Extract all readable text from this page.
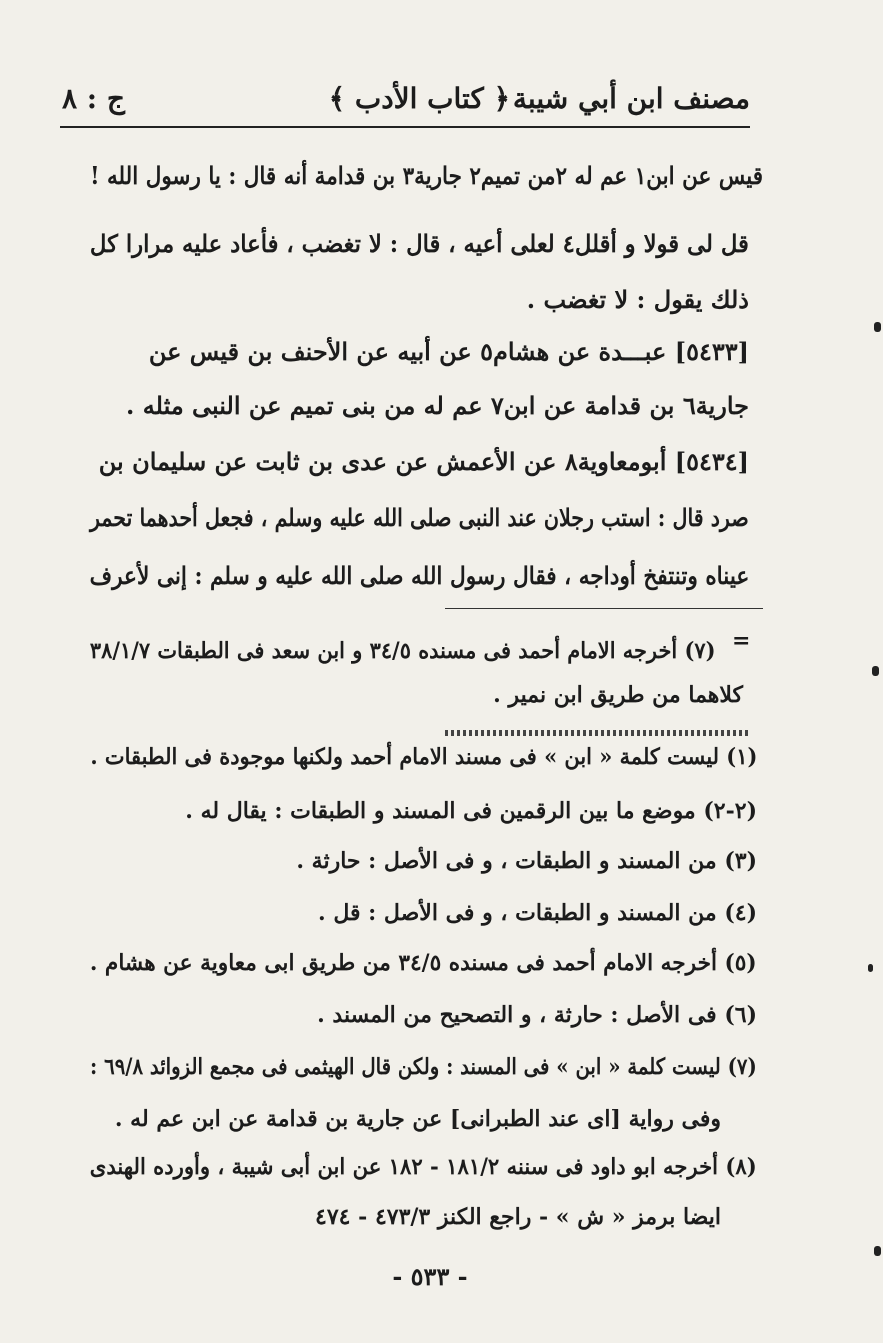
مصنف ابن أبي شيبة
﴿ كتاب الأدب ﴾
ج : ٨
قيس عن ابن١ عم له ٢من تميم٢ جارية٣ بن قدامة أنه قال : يا رسول الله !
قل لى قولا و أقلل٤ لعلى أعيه ، قال : لا تغضب ، فأعاد عليه مرارا كل
ذلك يقول : لا تغضب .
[٥٤٣٣] عبـــدة عن هشام٥ عن أبيه عن الأحنف بن قيس عن
جارية٦ بن قدامة عن ابن٧ عم له من بنى تميم عن النبى مثله .
[٥٤٣٤] أبومعاوية٨ عن الأعمش عن عدى بن ثابت عن سليمان بن
صرد قال : استب رجلان عند النبى صلى الله عليه وسلم ، فجعل أحدهما تحمر
عيناه وتنتفخ أوداجه ، فقال رسول الله صلى الله عليه و سلم : إنى لأعرف
=
(٧) أخرجه الامام أحمد فى مسنده ٣٤/٥ و ابن سعد فى الطبقات ٣٨/١/٧
كلاهما من طريق ابن نمير .
(١) ليست كلمة « ابن » فى مسند الامام أحمد ولكنها موجودة فى الطبقات .
(٢-٢) موضع ما بين الرقمين فى المسند و الطبقات : يقال له .
(٣) من المسند و الطبقات ، و فى الأصل : حارثة .
(٤) من المسند و الطبقات ، و فى الأصل : قل .
(٥) أخرجه الامام أحمد فى مسنده ٣٤/٥ من طريق ابى معاوية عن هشام .
(٦) فى الأصل : حارثة ، و التصحيح من المسند .
(٧) ليست كلمة « ابن » فى المسند : ولكن قال الهيثمى فى مجمع الزوائد ٦٩/٨ :
وفى رواية [اى عند الطبرانى] عن جارية بن قدامة عن ابن عم له .
(٨) أخرجه ابو داود فى سننه ١٨١/٢ - ١٨٢ عن ابن أبى شيبة ، وأورده الهندى
ايضا برمز « ش » - راجع الكنز ٤٧٣/٣ - ٤٧٤
- ٥٣٣ -
